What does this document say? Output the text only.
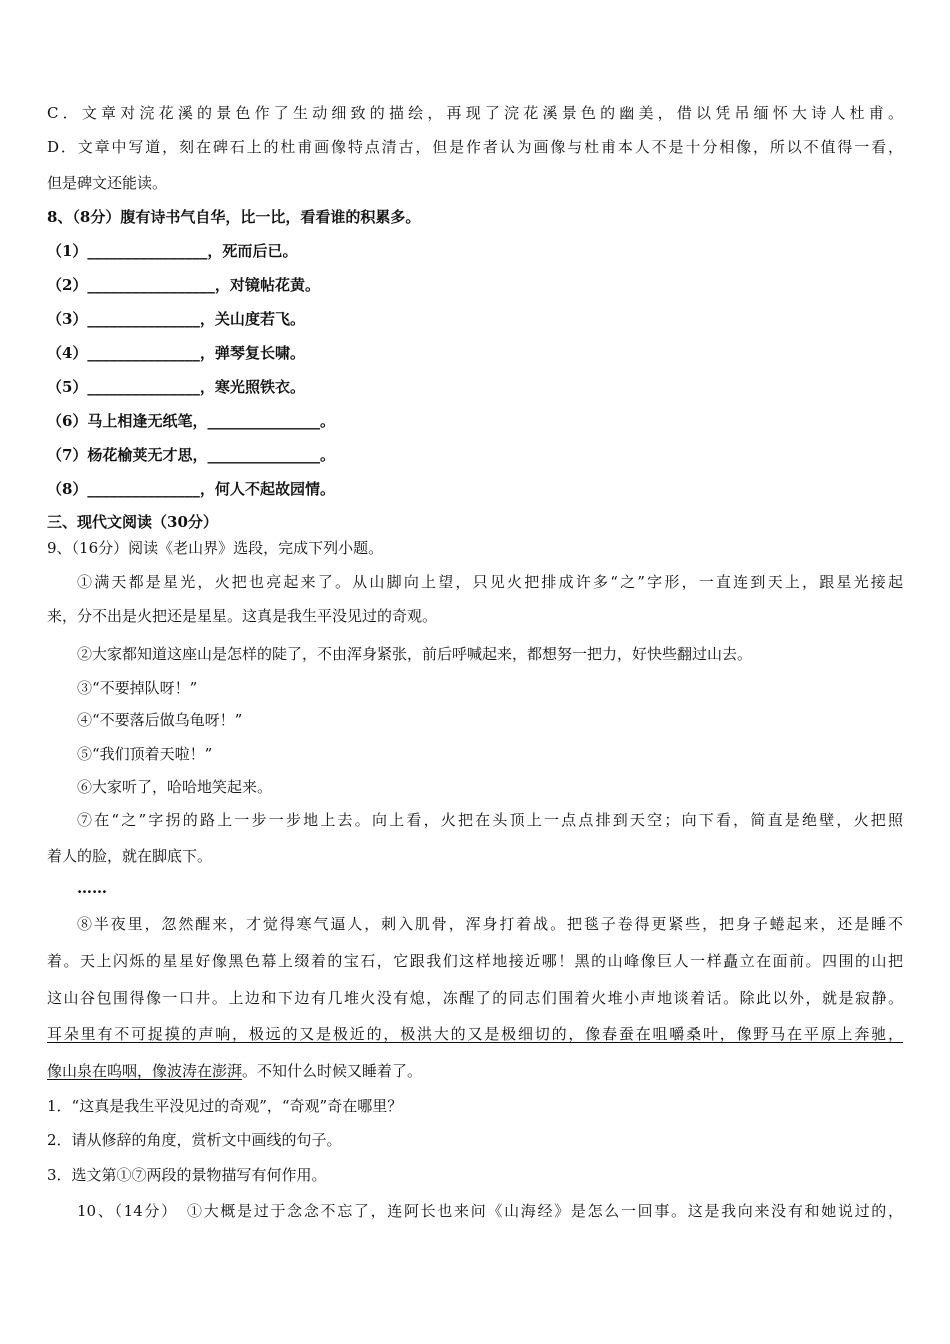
C．文章对浣花溪的景色作了生动细致的描绘，再现了浣花溪景色的幽美，借以凭吊缅怀大诗人杜甫。
D．文章中写道，刻在碑石上的杜甫画像特点清古，但是作者认为画像与杜甫本人不是十分相像，所以不值得一看，
但是碑文还能读。
8、（8分）腹有诗书气自华，比一比，看看谁的积累多。
（1）________________，死而后已。
（2）_________________，对镜帖花黄。
（3）_______________，关山度若飞。
（4）_______________，弹琴复长啸。
（5）_______________，寒光照铁衣。
（6）马上相逢无纸笔，_______________。
（7）杨花榆荚无才思，_______________。
（8）_______________，何人不起故园情。
三、现代文阅读（30分）
9、（16分）阅读《老山界》选段，完成下列小题。
①满天都是星光，火把也亮起来了。从山脚向上望，只见火把排成许多“之”字形，一直连到天上，跟星光接起
来，分不出是火把还是星星。这真是我生平没见过的奇观。
②大家都知道这座山是怎样的陡了，不由浑身紧张，前后呼喊起来，都想努一把力，好快些翻过山去。
③“不要掉队呀！”
④“不要落后做乌龟呀！”
⑤“我们顶着天啦！”
⑥大家听了，哈哈地笑起来。
⑦在“之”字拐的路上一步一步地上去。向上看，火把在头顶上一点点排到天空；向下看，简直是绝壁，火把照
着人的脸，就在脚底下。
……
⑧半夜里，忽然醒来，才觉得寒气逼人，刺入肌骨，浑身打着战。把毯子卷得更紧些，把身子蜷起来，还是睡不
着。天上闪烁的星星好像黑色幕上缀着的宝石，它跟我们这样地接近哪！黑的山峰像巨人一样矗立在面前。四围的山把
这山谷包围得像一口井。上边和下边有几堆火没有熄，冻醒了的同志们围着火堆小声地谈着话。除此以外，就是寂静。
耳朵里有不可捉摸的声响，极远的又是极近的，极洪大的又是极细切的，像春蚕在咀嚼桑叶，像野马在平原上奔驰，
像山泉在呜咽，像波涛在澎湃。不知什么时候又睡着了。
1．“这真是我生平没见过的奇观”，“奇观”奇在哪里？
2．请从修辞的角度，赏析文中画线的句子。
3．选文第①⑦两段的景物描写有何作用。
10、（14分）　①大概是过于念念不忘了，连阿长也来问《山海经》是怎么一回事。这是我向来没有和她说过的，
